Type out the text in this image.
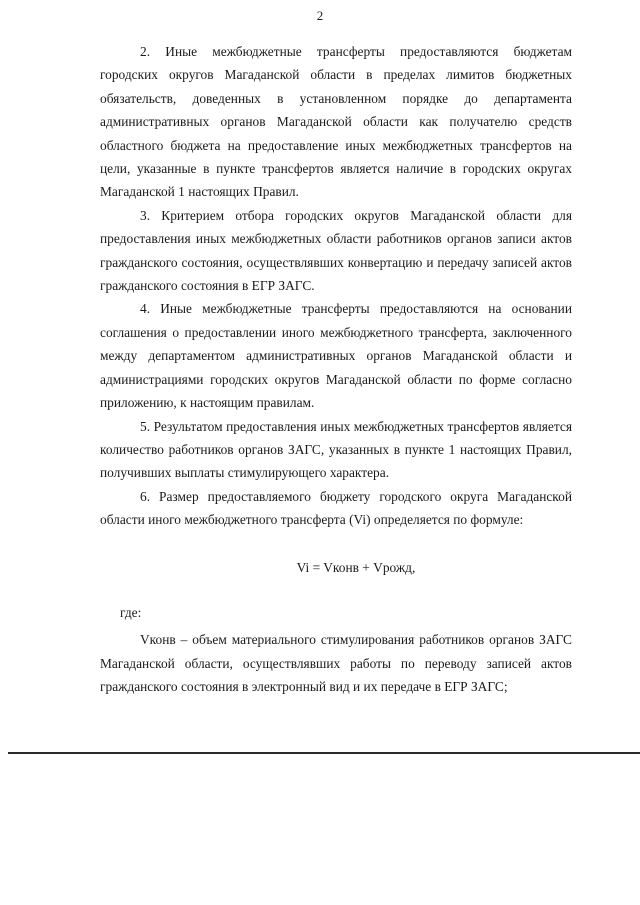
2

2. Иные межбюджетные трансферты предоставляются бюджетам городских округов Магаданской области в пределах лимитов бюджетных обязательств, доведенных в установленном порядке до департамента административных органов Магаданской области как получателю средств областного бюджета на предоставление иных межбюджетных трансфертов на цели, указанные в пункте трансфертов является наличие в городских округах Магаданской 1 настоящих Правил.

3. Критерием отбора городских округов Магаданской области для предоставления иных межбюджетных области работников органов записи актов гражданского состояния, осуществлявших конвертацию и передачу записей актов гражданского состояния в ЕГР ЗАГС.

4. Иные межбюджетные трансферты предоставляются на основании соглашения о предоставлении иного межбюджетного трансферта, заключенного между департаментом административных органов Магаданской области и администрациями городских округов Магаданской области по форме согласно приложению, к настоящим правилам.

5. Результатом предоставления иных межбюджетных трансфертов является количество работников органов ЗАГС, указанных в пункте 1 настоящих Правил, получивших выплаты стимулирующего характера.

6. Размер предоставляемого бюджету городского округа Магаданской области иного межбюджетного трансферта (Vi) определяется по формуле:

Vi = Vконв + Vрожд,

где:

Vконв – объем материального стимулирования работников органов ЗАГС Магаданской области, осуществлявших работы по переводу записей актов гражданского состояния в электронный вид и их передаче в ЕГР ЗАГС;
